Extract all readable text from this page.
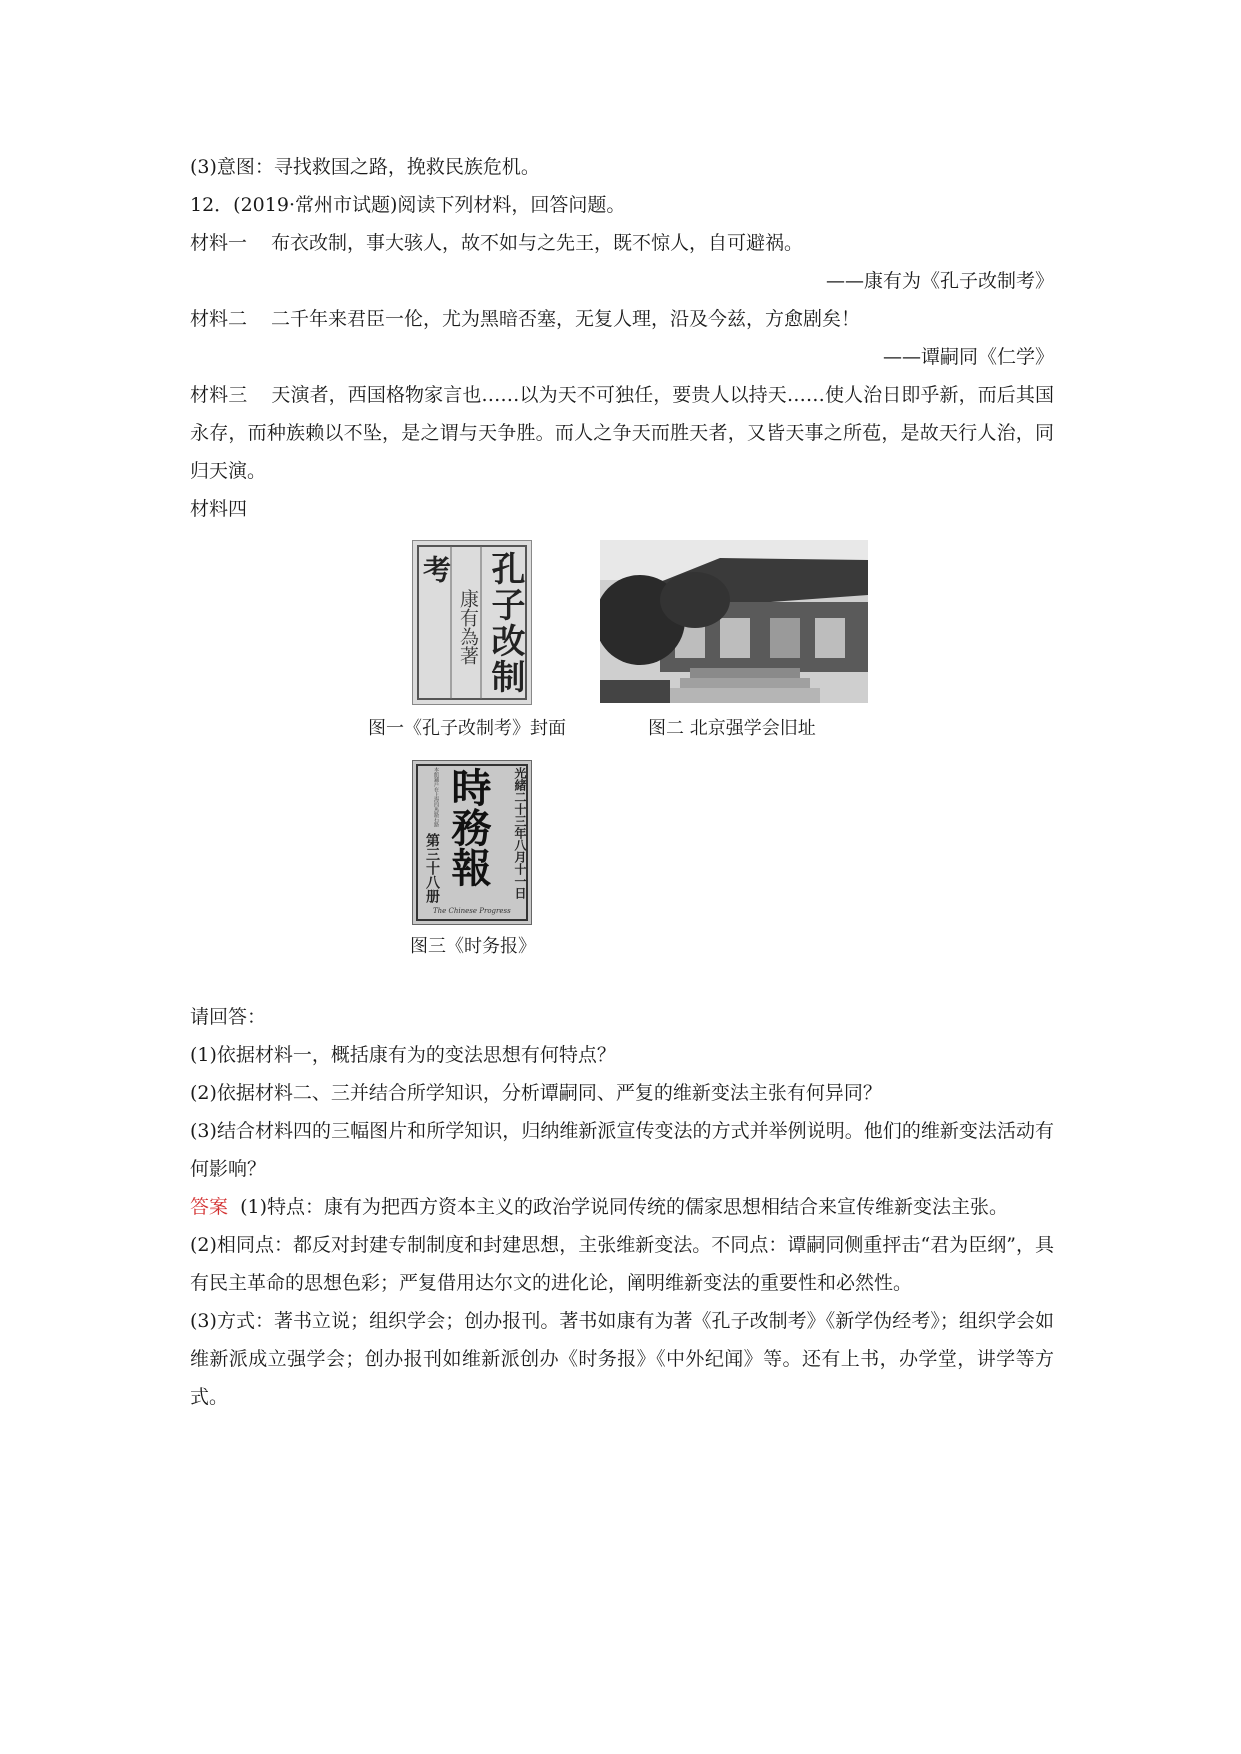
(3)意图：寻找救国之路，挽救民族危机。
12．(2019·常州市试题)阅读下列材料，回答问题。
材料一 布衣改制，事大骇人，故不如与之先王，既不惊人，自可避祸。
——康有为《孔子改制考》
材料二 二千年来君臣一伦，尤为黑暗否塞，无复人理，沿及今兹，方愈剧矣！
——谭嗣同《仁学》
材料三 天演者，西国格物家言也……以为天不可独任，要贵人以持天……使人治日即乎新，而后其国永存，而种族赖以不坠，是之谓与天争胜。而人之争天而胜天者，又皆天事之所苞，是故天行人治，同归天演。
材料四
孔子改制
考
康有為著
图一《孔子改制考》封面	图二 北京强学会旧址
時務報	光緒二十三年八月十一日
本館鋪戶在上海四馬路石路
第三十八册
The Chinese Progress
图三《时务报》
请回答：
(1)依据材料一，概括康有为的变法思想有何特点？
(2)依据材料二、三并结合所学知识，分析谭嗣同、严复的维新变法主张有何异同？
(3)结合材料四的三幅图片和所学知识，归纳维新派宣传变法的方式并举例说明。他们的维新变法活动有何影响？
答案 (1)特点：康有为把西方资本主义的政治学说同传统的儒家思想相结合来宣传维新变法主张。
(2)相同点：都反对封建专制制度和封建思想，主张维新变法。不同点：谭嗣同侧重抨击“君为臣纲”，具有民主革命的思想色彩；严复借用达尔文的进化论，阐明维新变法的重要性和必然性。
(3)方式：著书立说；组织学会；创办报刊。著书如康有为著《孔子改制考》《新学伪经考》；组织学会如维新派成立强学会；创办报刊如维新派创办《时务报》《中外纪闻》等。还有上书，办学堂，讲学等方式。
